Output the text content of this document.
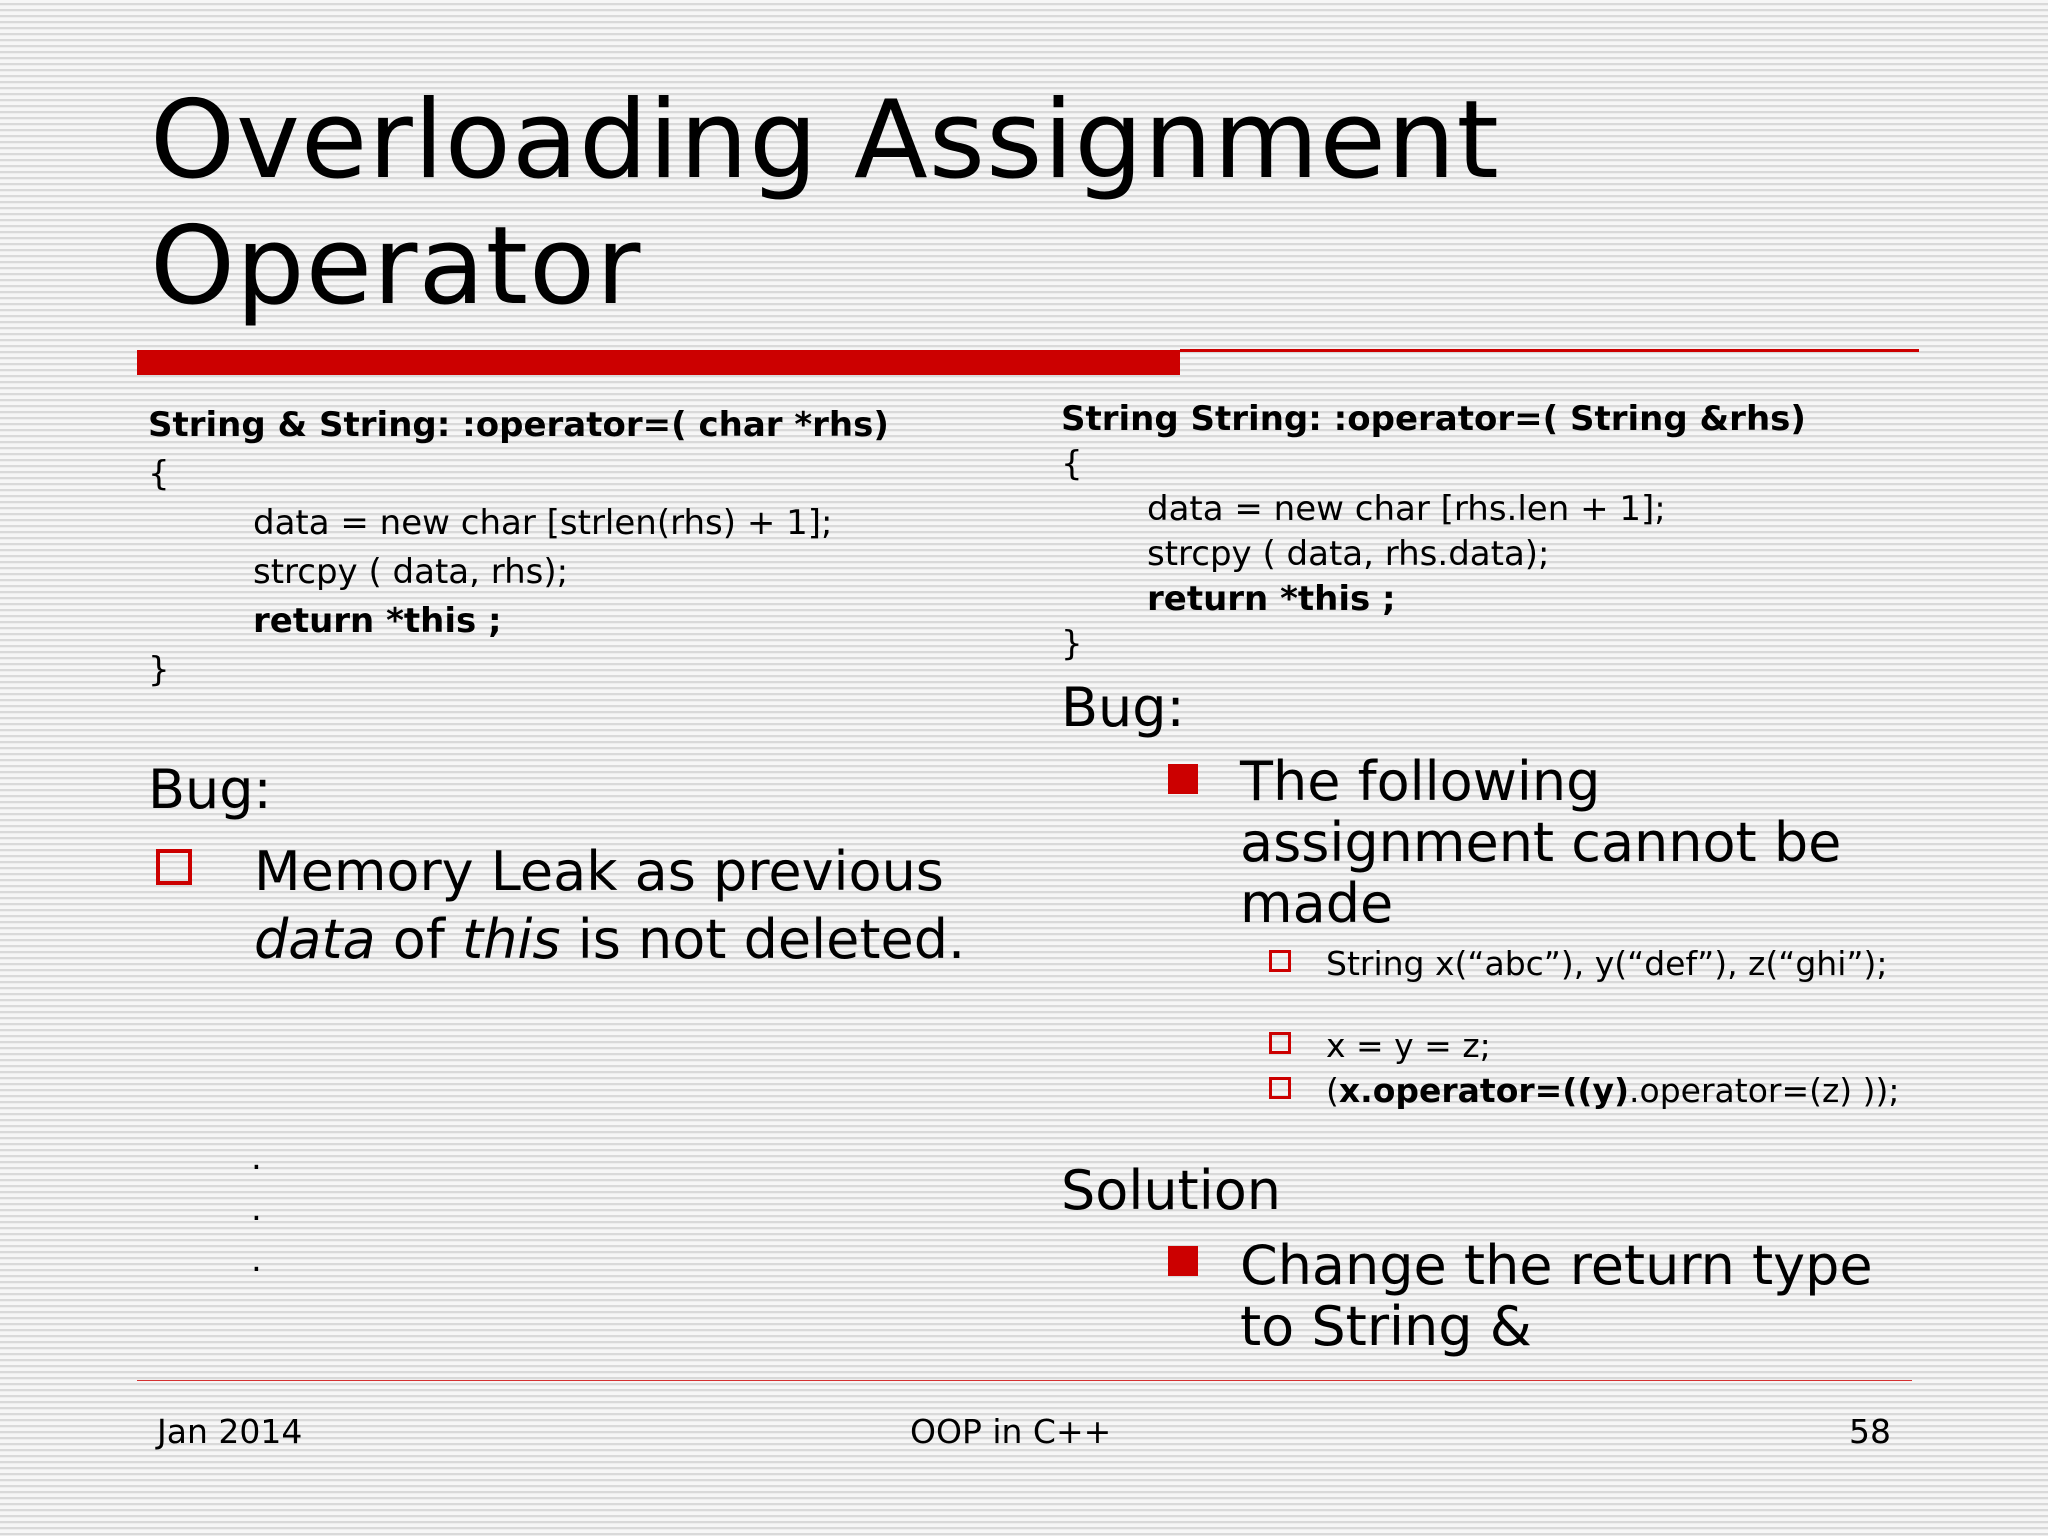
Overloading Assignment
Operator
String & String: :operator=( char *rhs)
{
data = new char [strlen(rhs) + 1];
strcpy ( data, rhs);
return *this ;
}
Bug:
Memory Leak as previous data of this is not deleted.
.
.
.
String String: :operator=( String &rhs)
{
data = new char [rhs.len + 1];
strcpy ( data, rhs.data);
return *this ;
}
Bug:
The following assignment cannot be made
String x(“abc”), y(“def”), z(“ghi”);
x = y = z;
(x.operator=((y).operator=(z) ));
Solution
Change the return type to String &
Jan 2014	OOP in C++	58
